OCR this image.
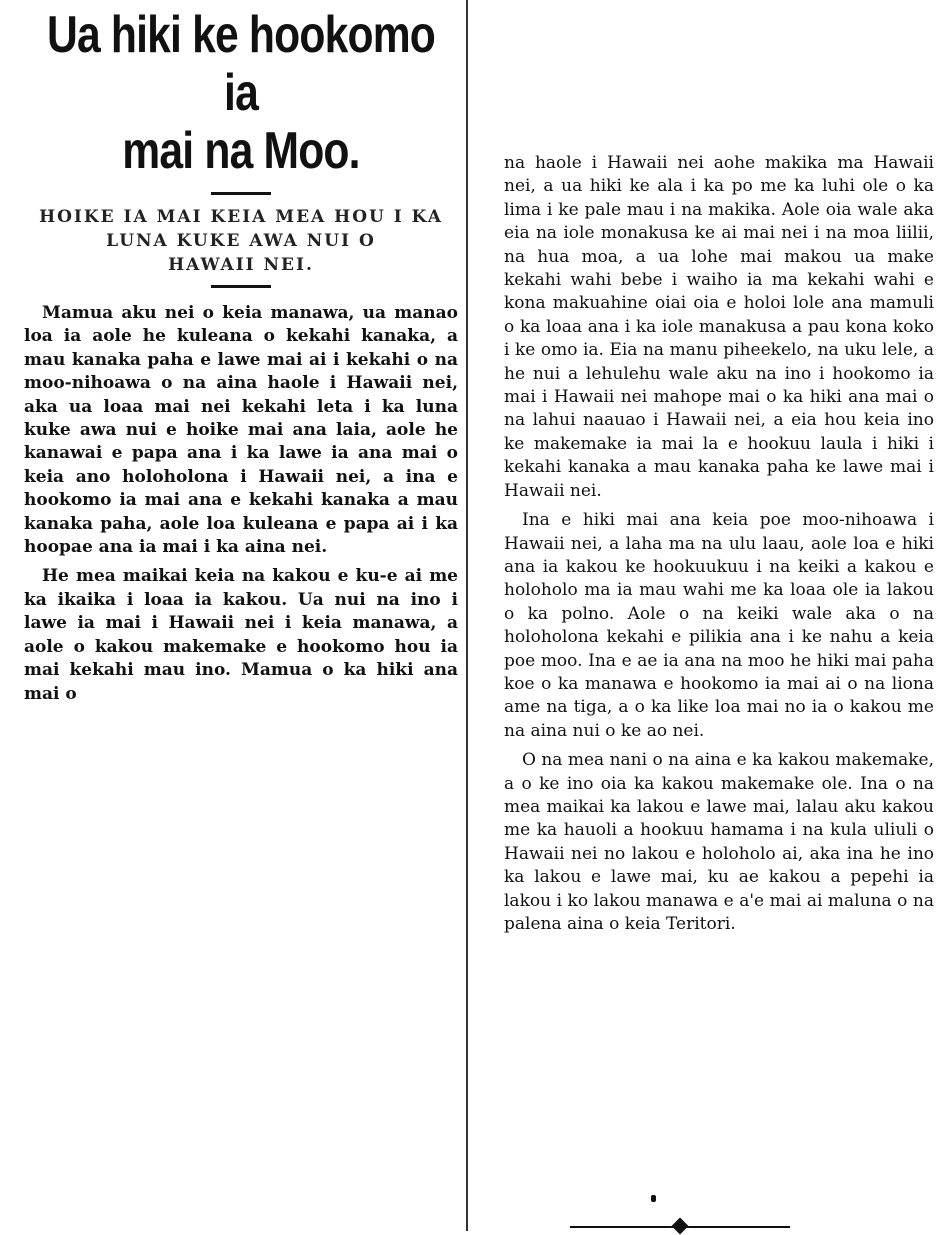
Ua hiki ke hookomo ia
mai na Moo.
HOIKE IA MAI KEIA MEA HOU I KA
LUNA KUKE AWA NUI O
HAWAII NEI.

Mamua aku nei o keia manawa, ua manao loa ia aole he kuleana o kekahi kanaka, a mau kanaka paha e lawe mai ai i kekahi o na moo-nihoawa o na aina haole i Hawaii nei, aka ua loaa mai nei kekahi leta i ka luna kuke awa nui e hoike mai ana laia, aole he kanawai e papa ana i ka lawe ia ana mai o keia ano holoholona i Hawaii nei, a ina e hookomo ia mai ana e kekahi kanaka a mau kanaka paha, aole loa kuleana e papa ai i ka hoopae ana ia mai i ka aina nei.

He mea maikai keia na kakou e ku-e ai me ka ikaika i loaa ia kakou. Ua nui na ino i lawe ia mai i Hawaii nei i keia manawa, a aole o kakou makemake e hookomo hou ia mai kekahi mau ino. Mamua o ka hiki ana mai o

na haole i Hawaii nei aohe makika ma Hawaii nei, a ua hiki ke ala i ka po me ka luhi ole o ka lima i ke pale mau i na makika. Aole oia wale aka eia na iole monakusa ke ai mai nei i na moa liilii, na hua moa, a ua lohe mai makou ua make kekahi wahi bebe i waiho ia ma kekahi wahi e kona makuahine oiai oia e holoi lole ana mamuli o ka loaa ana i ka iole manakusa a pau kona koko i ke omo ia. Eia na manu piheekelo, na uku lele, a he nui a lehulehu wale aku na ino i hookomo ia mai i Hawaii nei mahope mai o ka hiki ana mai o na lahui naauao i Hawaii nei, a eia hou keia ino ke makemake ia mai la e hookuu laula i hiki i kekahi kanaka a mau kanaka paha ke lawe mai i Hawaii nei.

Ina e hiki mai ana keia poe moo-nihoawa i Hawaii nei, a laha ma na ulu laau, aole loa e hiki ana ia kakou ke hookuukuu i na keiki a kakou e holoholo ma ia mau wahi me ka loaa ole ia lakou o ka polno. Aole o na keiki wale aka o na holoholona kekahi e pilikia ana i ke nahu a keia poe moo. Ina e ae ia ana na moo he hiki mai paha koe o ka manawa e hookomo ia mai ai o na liona ame na tiga, a o ka like loa mai no ia o kakou me na aina nui o ke ao nei.

O na mea nani o na aina e ka kakou makemake, a o ke ino oia ka kakou makemake ole. Ina o na mea maikai ka lakou e lawe mai, lalau aku kakou me ka hauoli a hookuu hamama i na kula uliuli o Hawaii nei no lakou e holoholo ai, aka ina he ino ka lakou e lawe mai, ku ae kakou a pepehi ia lakou i ko lakou manawa e a'e mai ai maluna o na palena aina o keia Teritori.
